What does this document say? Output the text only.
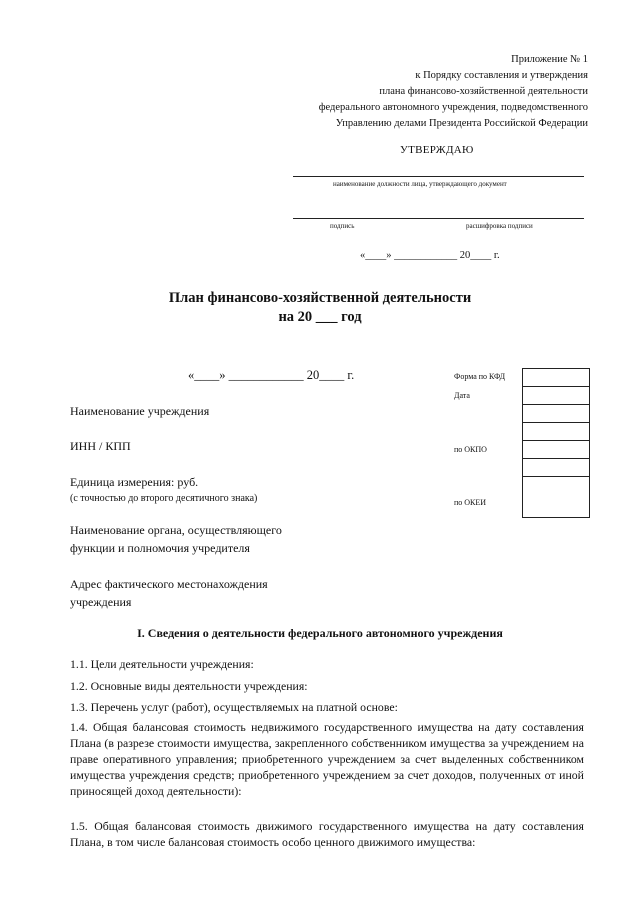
Приложение № 1
к Порядку составления и утверждения
плана финансово-хозяйственной деятельности
федерального автономного учреждения, подведомственного
Управлению делами Президента Российской Федерации
УТВЕРЖДАЮ
наименование должности лица, утверждающего документ
подпись	расшифровка подписи
«____» ____________ 20____ г.
План финансово-хозяйственной деятельности
на 20 ___ год
«____» ____________ 20____ г.	Форма по КФД
Дата
по ОКПО
по ОКЕИ
Наименование учреждения
ИНН / КПП
Единица измерения: руб.
(с точностью до второго десятичного знака)
Наименование органа, осуществляющего
функции и полномочия учредителя
Адрес фактического местонахождения
учреждения
I. Сведения о деятельности федерального автономного учреждения
1.1. Цели деятельности учреждения:
1.2. Основные виды деятельности учреждения:
1.3. Перечень услуг (работ), осуществляемых на платной основе:
1.4. Общая балансовая стоимость недвижимого государственного имущества на дату составления Плана (в разрезе стоимости имущества, закрепленного собственником имущества за учреждением на праве оперативного управления; приобретенного учреждением за счет выделенных собственником имущества учреждения средств; приобретенного учреждением за счет доходов, полученных от иной приносящей доход деятельности):
1.5. Общая балансовая стоимость движимого государственного имущества на дату составления Плана, в том числе балансовая стоимость особо ценного движимого имущества:
